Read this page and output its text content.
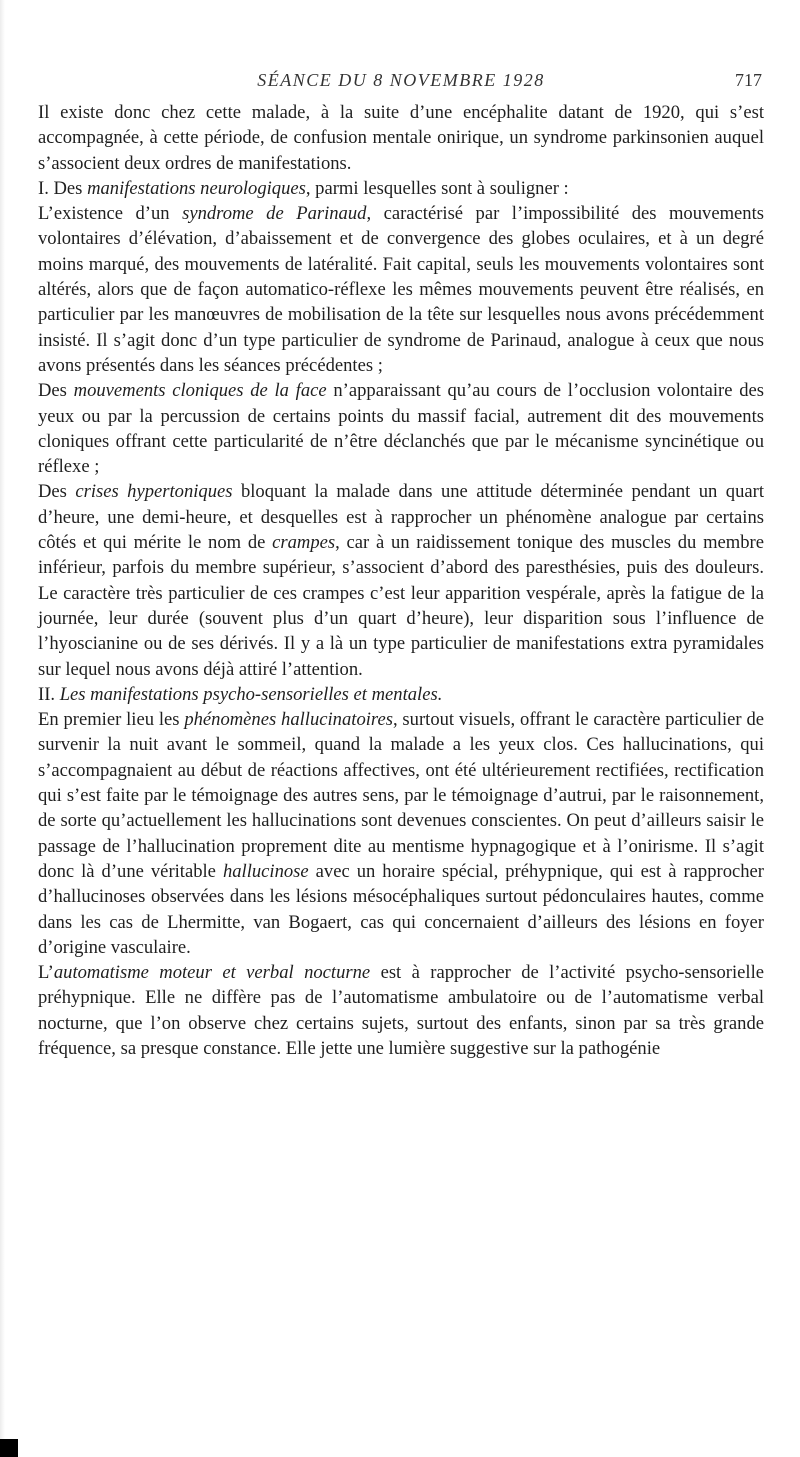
SÉANCE DU 8 NOVEMBRE 1928	717

Il existe donc chez cette malade, à la suite d’une encéphalite datant de 1920, qui s’est accompagnée, à cette période, de confusion mentale onirique, un syndrome parkinsonien auquel s’associent deux ordres de manifestations.

I. Des manifestations neurologiques, parmi lesquelles sont à souligner :

L’existence d’un syndrome de Parinaud, caractérisé par l’impossibilité des mouvements volontaires d’élévation, d’abaissement et de convergence des globes oculaires, et à un degré moins marqué, des mouvements de latéralité. Fait capital, seuls les mouvements volontaires sont altérés, alors que de façon automatico-réflexe les mêmes mouvements peuvent être réalisés, en particulier par les manœuvres de mobilisation de la tête sur lesquelles nous avons précédemment insisté. Il s’agit donc d’un type particulier de syndrome de Parinaud, analogue à ceux que nous avons présentés dans les séances précédentes ;

Des mouvements cloniques de la face n’apparaissant qu’au cours de l’occlusion volontaire des yeux ou par la percussion de certains points du massif facial, autrement dit des mouvements cloniques offrant cette particularité de n’être déclanchés que par le mécanisme syncinétique ou réflexe ;

Des crises hypertoniques bloquant la malade dans une attitude déterminée pendant un quart d’heure, une demi-heure, et desquelles est à rapprocher un phénomène analogue par certains côtés et qui mérite le nom de crampes, car à un raidissement tonique des muscles du membre inférieur, parfois du membre supérieur, s’associent d’abord des paresthésies, puis des douleurs. Le caractère très particulier de ces crampes c’est leur apparition vespérale, après la fatigue de la journée, leur durée (souvent plus d’un quart d’heure), leur disparition sous l’influence de l’hyoscianine ou de ses dérivés. Il y a là un type particulier de manifestations extra pyramidales sur lequel nous avons déjà attiré l’attention.

II. Les manifestations psycho-sensorielles et mentales.

En premier lieu les phénomènes hallucinatoires, surtout visuels, offrant le caractère particulier de survenir la nuit avant le sommeil, quand la malade a les yeux clos. Ces hallucinations, qui s’accompagnaient au début de réactions affectives, ont été ultérieurement rectifiées, rectification qui s’est faite par le témoignage des autres sens, par le témoignage d’autrui, par le raisonnement, de sorte qu’actuellement les hallucinations sont devenues conscientes. On peut d’ailleurs saisir le passage de l’hallucination proprement dite au mentisme hypnagogique et à l’onirisme. Il s’agit donc là d’une véritable hallucinose avec un horaire spécial, préhypnique, qui est à rapprocher d’hallucinoses observées dans les lésions mésocéphaliques surtout pédonculaires hautes, comme dans les cas de Lhermitte, van Bogaert, cas qui concernaient d’ailleurs des lésions en foyer d’origine vasculaire.

L’automatisme moteur et verbal nocturne est à rapprocher de l’activité psycho-sensorielle préhypnique. Elle ne diffère pas de l’automatisme ambulatoire ou de l’automatisme verbal nocturne, que l’on observe chez certains sujets, surtout des enfants, sinon par sa très grande fréquence, sa presque constance. Elle jette une lumière suggestive sur la pathogénie
